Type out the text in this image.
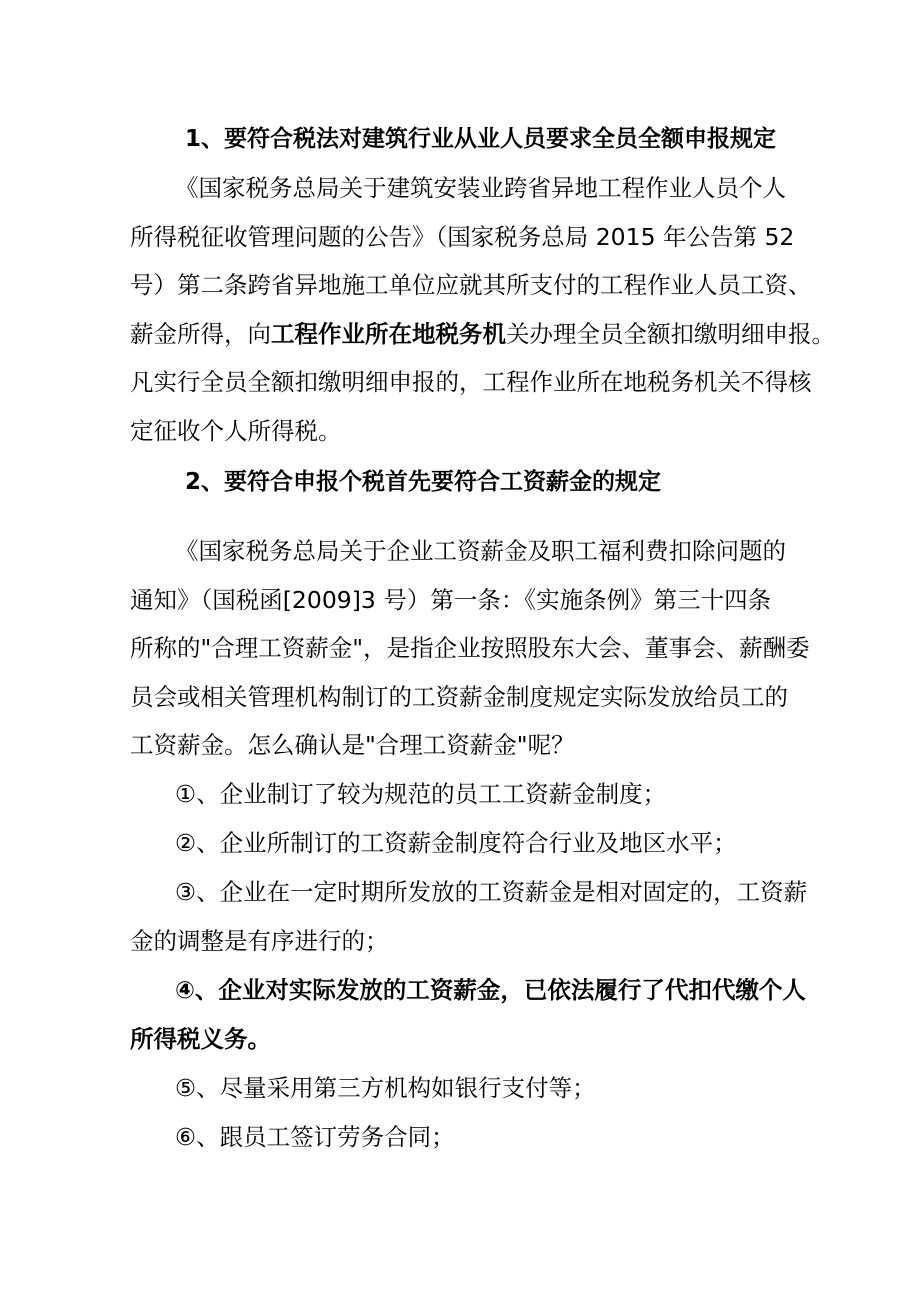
1、要符合税法对建筑行业从业人员要求全员全额申报规定

《国家税务总局关于建筑安装业跨省异地工程作业人员个人

所得税征收管理问题的公告》（国家税务总局 2015 年公告第 52

号）第二条跨省异地施工单位应就其所支付的工程作业人员工资、

薪金所得，向工程作业所在地税务机关办理全员全额扣缴明细申报。

凡实行全员全额扣缴明细申报的，工程作业所在地税务机关不得核

定征收个人所得税。

2、要符合申报个税首先要符合工资薪金的规定

《国家税务总局关于企业工资薪金及职工福利费扣除问题的

通知》（国税函[2009]3 号）第一条：《实施条例》第三十四条

所称的"合理工资薪金"，是指企业按照股东大会、董事会、薪酬委

员会或相关管理机构制订的工资薪金制度规定实际发放给员工的

工资薪金。怎么确认是"合理工资薪金"呢？

①、企业制订了较为规范的员工工资薪金制度；

②、企业所制订的工资薪金制度符合行业及地区水平；

③、企业在一定时期所发放的工资薪金是相对固定的，工资薪

金的调整是有序进行的；

④、企业对实际发放的工资薪金，已依法履行了代扣代缴个人

所得税义务。

⑤、尽量采用第三方机构如银行支付等；

⑥、跟员工签订劳务合同；
